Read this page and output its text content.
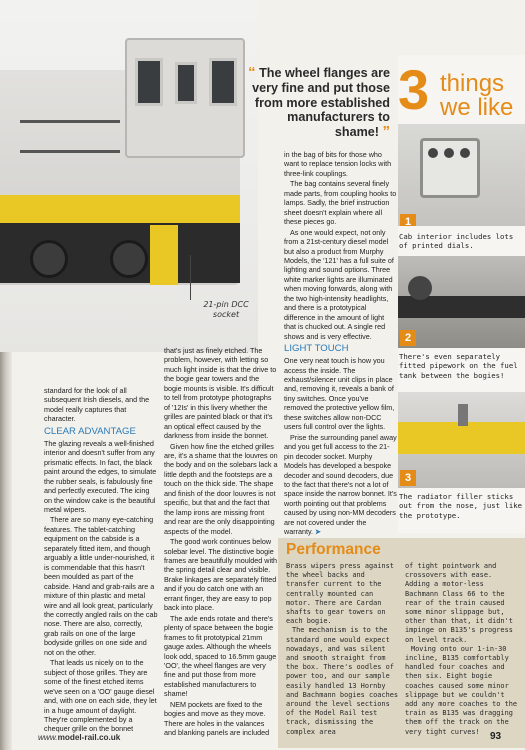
21-pin DCC socket
“ The wheel flanges are very fine and put those from more established manufacturers to shame! ”

standard for the look of all subsequent Irish diesels, and the model really captures that character.

CLEAR ADVANTAGE

The glazing reveals a well-finished interior and doesn't suffer from any prismatic effects. In fact, the black paint around the edges, to simulate the rubber seals, is fabulously fine and perfectly executed. The icing on the window cake is the beautiful metal wipers.

There are so many eye-catching features. The tablet-catching equipment on the cabside is a separately fitted item, and though arguably a little under-nourished, it is commendable that this hasn't been moulded as part of the cabside. Hand and grab-rails are a mixture of thin plastic and metal wire and all look great, particularly the correctly angled rails on the cab nose. There are also, correctly, grab rails on one of the large bodyside grilles on one side and not on the other.

That leads us nicely on to the subject of those grilles. They are some of the finest etched items we've seen on a 'OO' gauge diesel and, with one on each side, they let in a huge amount of daylight. They're complemented by a chequer grille on the bonnet

that's just as finely etched. The problem, however, with letting so much light inside is that the drive to the bogie gear towers and the bogie mounts is visible. It's difficult to tell from prototype photographs of '12Is' in this livery whether the grilles are painted black or that it's an optical effect caused by the darkness from inside the bonnet.

Given how fine the etched grilles are, it's a shame that the louvres on the body and on the solebars lack a little depth and the footsteps are a touch on the thick side. The shape and finish of the door louvres is not specific, but that and the fact that the lamp irons are missing front and rear are the only disappointing aspects of the model.

The good work continues below solebar level. The distinctive bogie frames are beautifully moulded with the spring detail clear and visible. Brake linkages are separately fitted and if you do catch one with an errant finger, they are easy to pop back into place.

The axle ends rotate and there's plenty of space between the bogie frames to fit prototypical 21mm gauge axles. Although the wheels look odd, spaced to 16.5mm gauge 'OO', the wheel flanges are very fine and put those from more established manufacturers to shame!

NEM pockets are fixed to the bogies and move as they move. There are holes in the valances and blanking panels are included

in the bag of bits for those who want to replace tension locks with three-link couplings.

The bag contains several finely made parts, from coupling hooks to lamps. Sadly, the brief instruction sheet doesn't explain where all these pieces go.

As one would expect, not only from a 21st-century diesel model but also a product from Murphy Models, the '121' has a full suite of lighting and sound options. Three white marker lights are illuminated when moving forwards, along with the two high-intensity headlights, and there is a prototypical difference in the amount of light that is chucked out. A single red shows and is very effective.

LIGHT TOUCH

One very neat touch is how you access the inside. The exhaust/silencer unit clips in place and, removing it, reveals a bank of tiny switches. Once you've removed the protective yellow film, these switches allow non-DCC users full control over the lights.

Prise the surrounding panel away and you get full access to the 21-pin decoder socket. Murphy Models has developed a bespoke decoder and sound decoders, due to the fact that there's not a lot of space inside the narrow bonnet. It's worth pointing out that problems caused by using non-MM decoders are not covered under the warranty. ➤

3 things
we like
1
Cab interior includes lots of printed dials.
2
There's even separately fitted pipework on the fuel tank between the bogies!
3
The radiator filler sticks out from the nose, just like the prototype.
Performance

Brass wipers press against the wheel backs and transfer current to the centrally mounted can motor. There are Cardan shafts to gear towers on each bogie.

The mechanism is to the standard one would expect nowadays, and was silent and smooth straight from the box. There's oodles of power too, and our sample easily handled 13 Hornby and Bachmann bogies coaches around the level sections of the Model Rail test track, dismissing the complex area

of tight pointwork and crossovers with ease. Adding a motor-less Bachmann Class 66 to the rear of the train caused some minor slippage but, other than that, it didn't impinge on B135's progress on level track.

Moving onto our 1-in-30 incline, B135 comfortably handled four coaches and then six. Eight bogie coaches caused some minor slippage but we couldn't add any more coaches to the train as B135 was dragging them off the track on the very tight curves!

www.model-rail.co.uk	93
